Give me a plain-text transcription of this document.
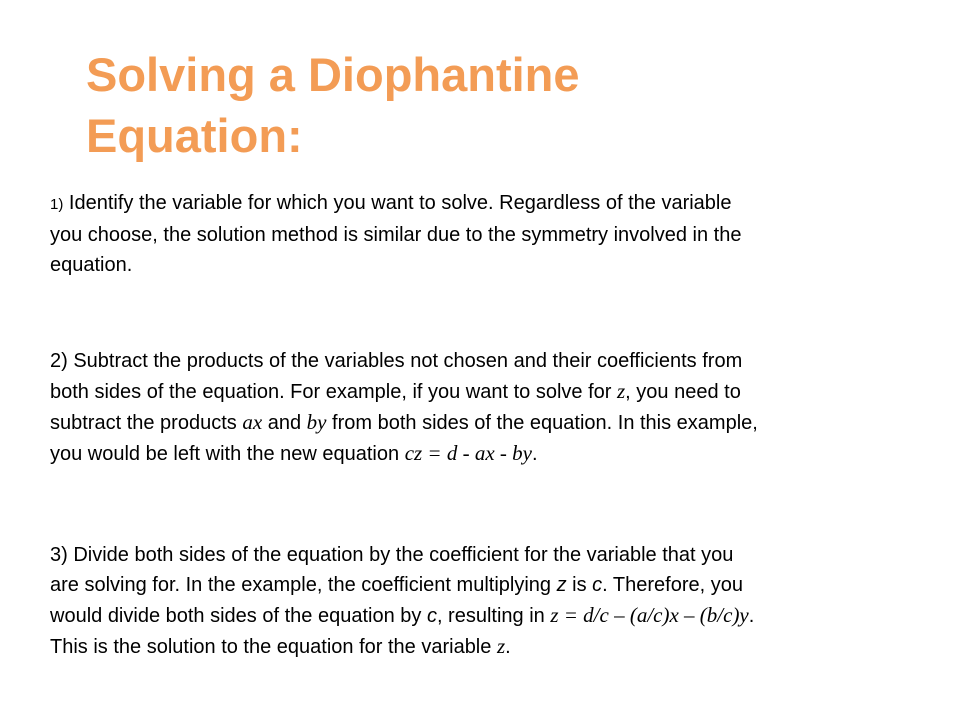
Solving a Diophantine
Equation:

1) Identify the variable for which you want to solve. Regardless of the variable
you choose, the solution method is similar due to the symmetry involved in the
equation.

2) Subtract the products of the variables not chosen and their coefficients from
both sides of the equation. For example, if you want to solve for z, you need to
subtract the products ax and by from both sides of the equation. In this example,
you would be left with the new equation cz = d - ax - by.

3) Divide both sides of the equation by the coefficient for the variable that you
are solving for. In the example, the coefficient multiplying z is c. Therefore, you
would divide both sides of the equation by c, resulting in z = d/c – (a/c)x – (b/c)y.
This is the solution to the equation for the variable z.
